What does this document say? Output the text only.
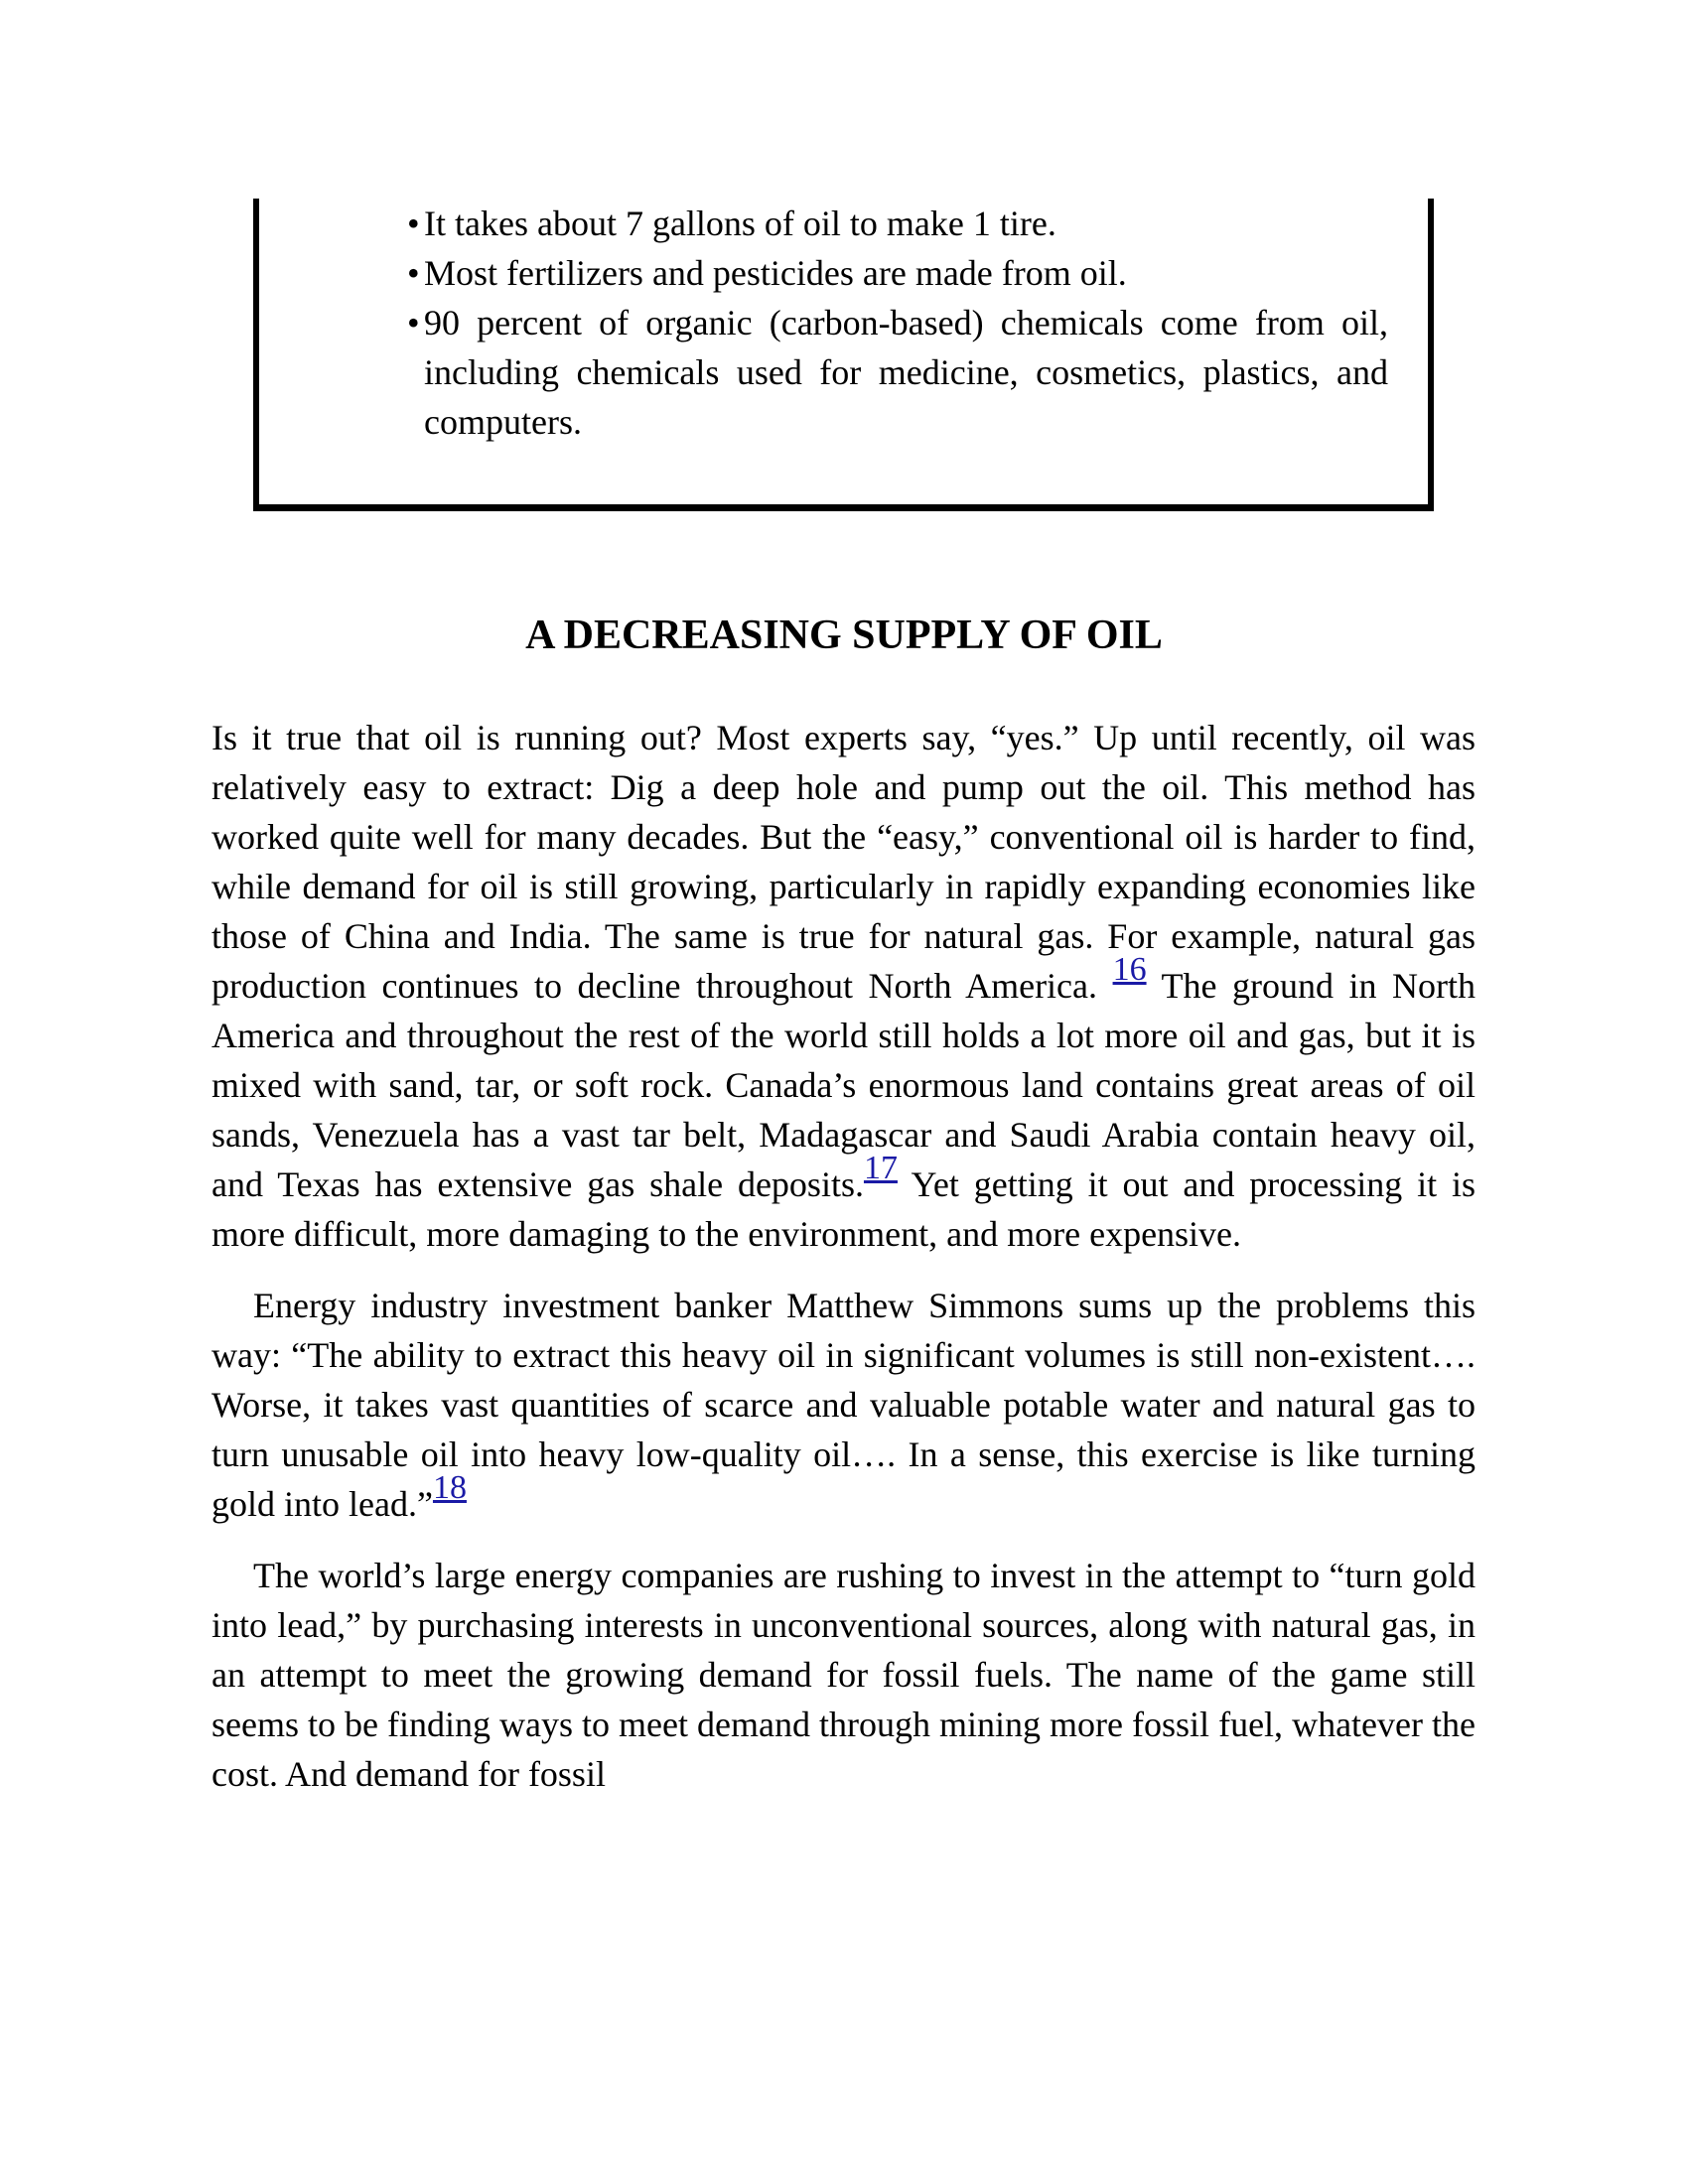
• It takes about 7 gallons of oil to make 1 tire.
• Most fertilizers and pesticides are made from oil.
• 90 percent of organic (carbon-based) chemicals come from oil, including chemicals used for medicine, cosmetics, plastics, and computers.
A DECREASING SUPPLY OF OIL

Is it true that oil is running out? Most experts say, “yes.” Up until recently, oil was relatively easy to extract: Dig a deep hole and pump out the oil. This method has worked quite well for many decades. But the “easy,” conventional oil is harder to find, while demand for oil is still growing, particularly in rapidly expanding economies like those of China and India. The same is true for natural gas. For example, natural gas production continues to decline throughout North America. 16 The ground in North America and throughout the rest of the world still holds a lot more oil and gas, but it is mixed with sand, tar, or soft rock. Canada’s enormous land contains great areas of oil sands, Venezuela has a vast tar belt, Madagascar and Saudi Arabia contain heavy oil, and Texas has extensive gas shale deposits.17 Yet getting it out and processing it is more difficult, more damaging to the environment, and more expensive.

Energy industry investment banker Matthew Simmons sums up the problems this way: “The ability to extract this heavy oil in significant volumes is still non-existent…. Worse, it takes vast quantities of scarce and valuable potable water and natural gas to turn unusable oil into heavy low-quality oil…. In a sense, this exercise is like turning gold into lead.”18

The world’s large energy companies are rushing to invest in the attempt to “turn gold into lead,” by purchasing interests in unconventional sources, along with natural gas, in an attempt to meet the growing demand for fossil fuels. The name of the game still seems to be finding ways to meet demand through mining more fossil fuel, whatever the cost. And demand for fossil
